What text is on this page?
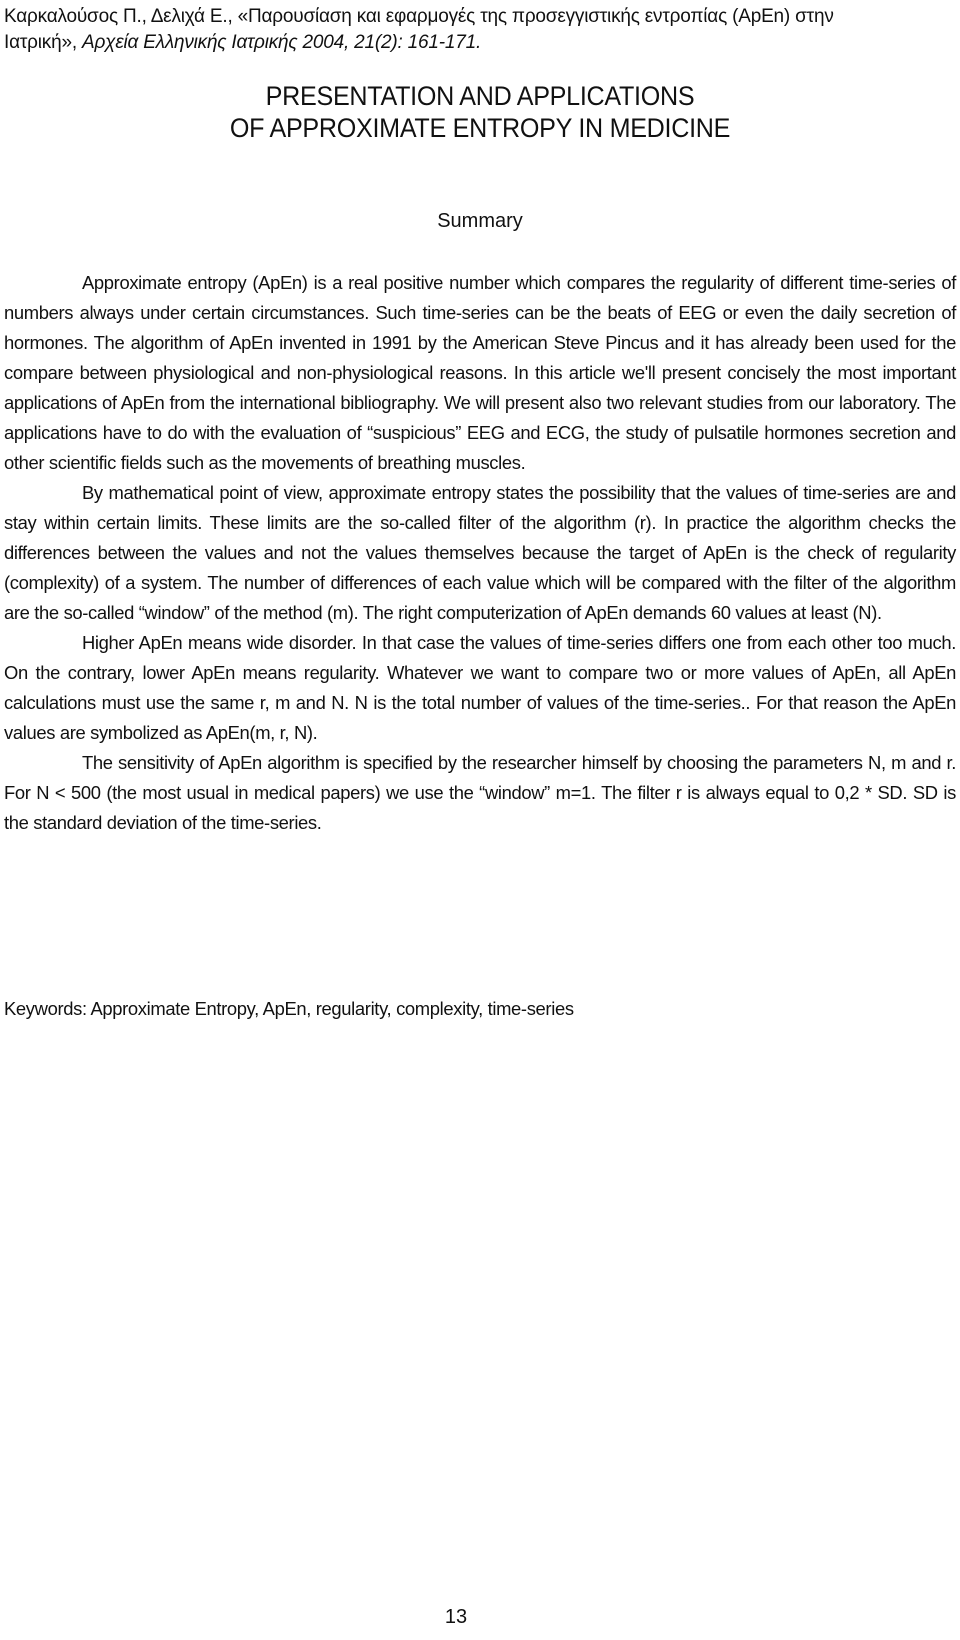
Καρκαλούσος Π., Δελιχά Ε., «Παρουσίαση και εφαρμογές της προσεγγιστικής εντροπίας (ApEn) στην
Ιατρική», Αρχεία Ελληνικής Ιατρικής 2004, 21(2): 161-171.
PRESENTATION AND APPLICATIONS
OF APPROXIMATE ENTROPY IN MEDICINE
Summary

Approximate entropy (ApEn) is a real positive number which compares the regularity of different time-series of numbers always under certain circumstances. Such time-series can be the beats of EEG or even the daily secretion of hormones. The algorithm of ApEn invented in 1991 by the American Steve Pincus and it has already been used for the compare between physiological and non-physiological reasons. In this article we'll present concisely the most important applications of ApEn from the international bibliography. We will present also two relevant studies from our laboratory. The applications have to do with the evaluation of “suspicious” EEG and ECG, the study of pulsatile hormones secretion and other scientific fields such as the movements of breathing muscles.

By mathematical point of view, approximate entropy states the possibility that the values of time-series are and stay within certain limits. These limits are the so-called filter of the algorithm (r). In practice the algorithm checks the differences between the values and not the values themselves because the target of ApEn is the check of regularity (complexity) of a system. The number of differences of each value which will be compared with the filter of the algorithm are the so-called “window” of the method (m). The right computerization of ApEn demands 60 values at least (N).

Higher ApEn means wide disorder. In that case the values of time-series differs one from each other too much. On the contrary, lower ApEn means regularity. Whatever we want to compare two or more values of ApEn, all ApEn calculations must use the same r, m and N. N is the total number of values of the time-series.. For that reason the ApEn values are symbolized as ApEn(m, r, N).

The sensitivity of ApEn algorithm is specified by the researcher himself by choosing the parameters N, m and r. For N < 500 (the most usual in medical papers) we use the “window” m=1. The filter r is always equal to 0,2 * SD. SD is the standard deviation of the time-series.

Keywords: Approximate Entropy, ApEn, regularity, complexity, time-series
13
